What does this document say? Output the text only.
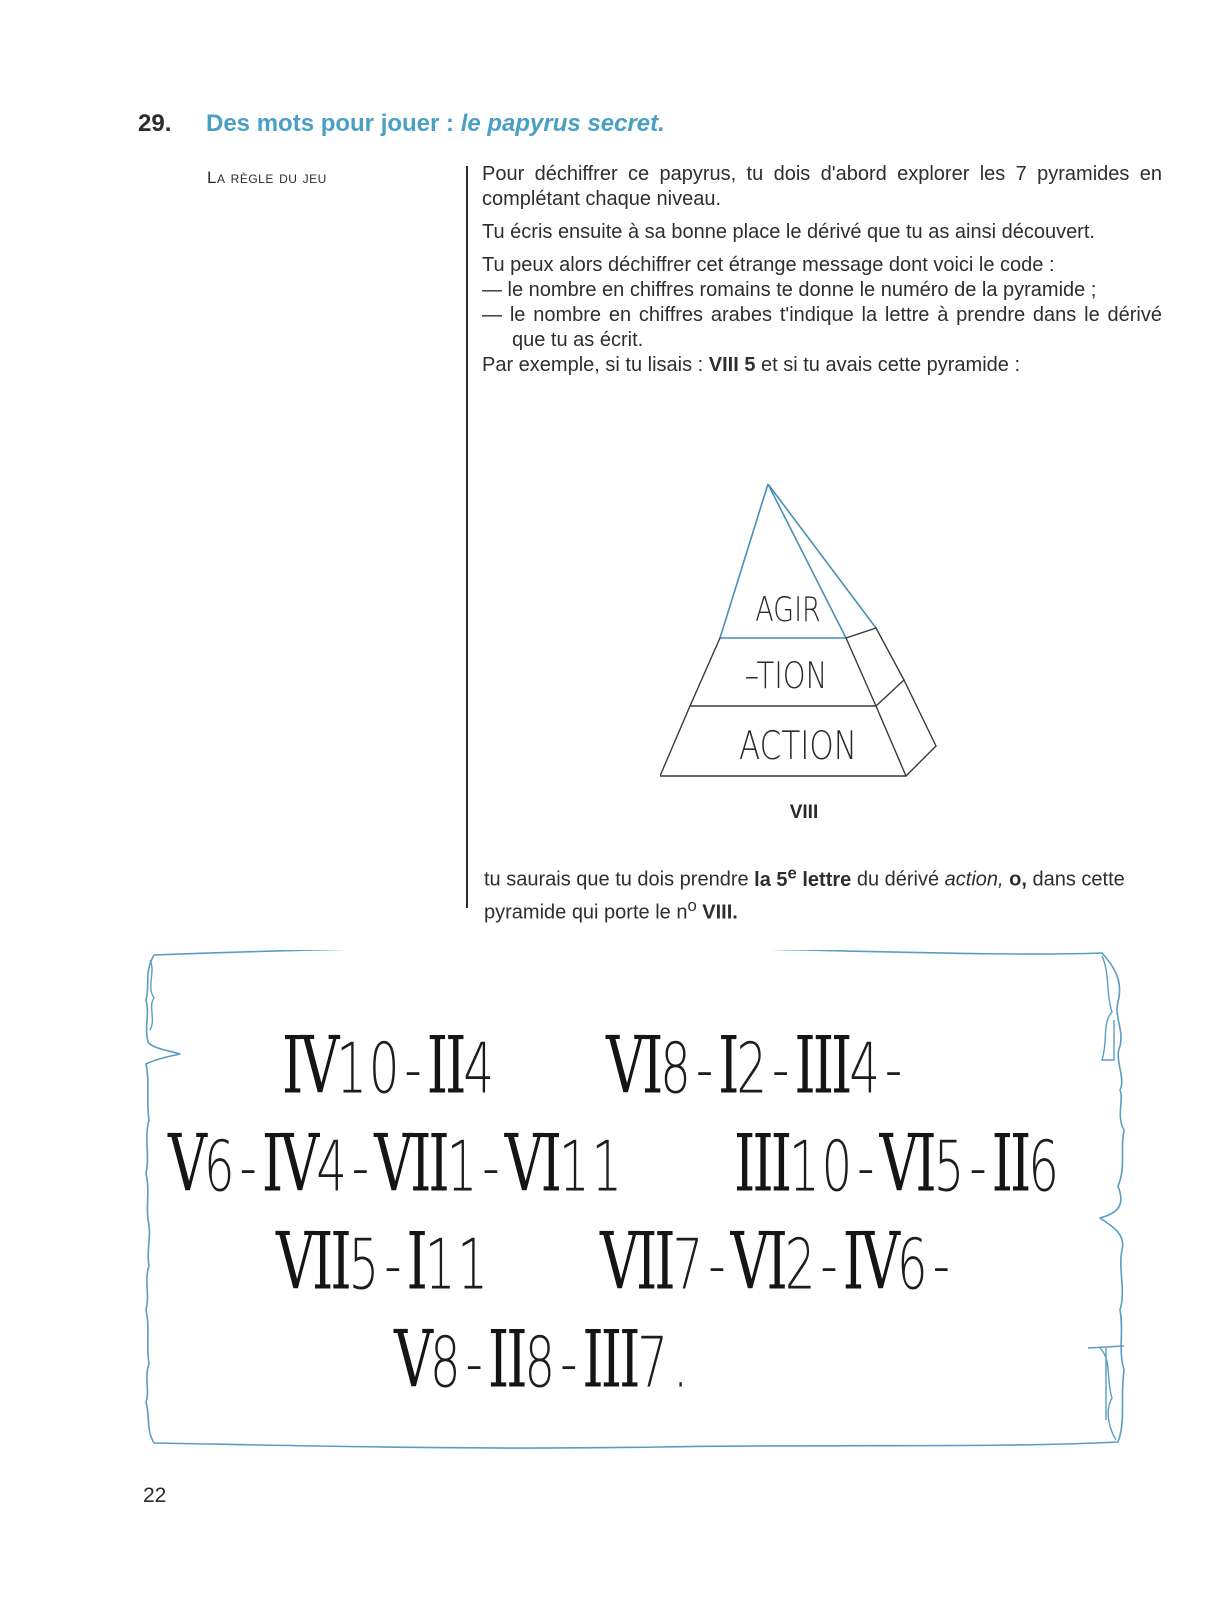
29. Des mots pour jouer : le papyrus secret.
La règle du jeu	Pour déchiffrer ce papyrus, tu dois d'abord explorer les 7 pyramides en complétant chaque niveau.

Tu écris ensuite à sa bonne place le dérivé que tu as ainsi découvert.

Tu peux alors déchiffrer cet étrange message dont voici le code :

— le nombre en chiffres romains te donne le numéro de la pyramide ;

— le nombre en chiffres arabes t'indique la lettre à prendre dans le dérivé que tu as écrit.

Par exemple, si tu lisais : VIII 5 et si tu avais cette pyramide :

AGIR
–TION
ACTION
VIII

tu saurais que tu dois prendre la 5e lettre du dérivé action, o, dans cette pyramide qui porte le $n^o$ VIII.

IV10-II4 VI8-I2-III4-
V6-IV4-VII1-VI11 III10-VI5-II6
VII5-I11 VII7-VI2-IV6-
V8-II8-III7.
22
